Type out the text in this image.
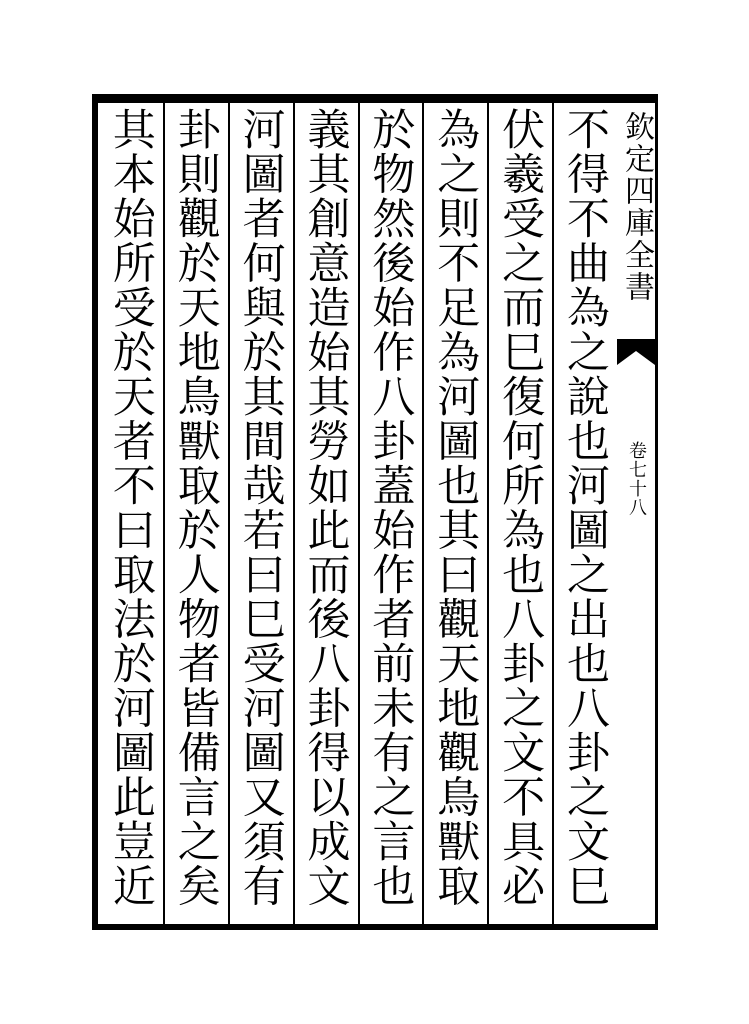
欽定四庫全書
卷七十八
不得不曲為之說也河圖之出也八卦之文巳
伏羲受之而巳復何所為也八卦之文不具必
為之則不足為河圖也其曰觀天地觀鳥獸取
於物然後始作八卦蓋始作者前未有之言也
義其創意造始其勞如此而後八卦得以成文
河圖者何與於其間哉若曰巳受河圖又須有
卦則觀於天地鳥獸取於人物者皆備言之矣
其本始所受於天者不曰取法於河圖此豈近
